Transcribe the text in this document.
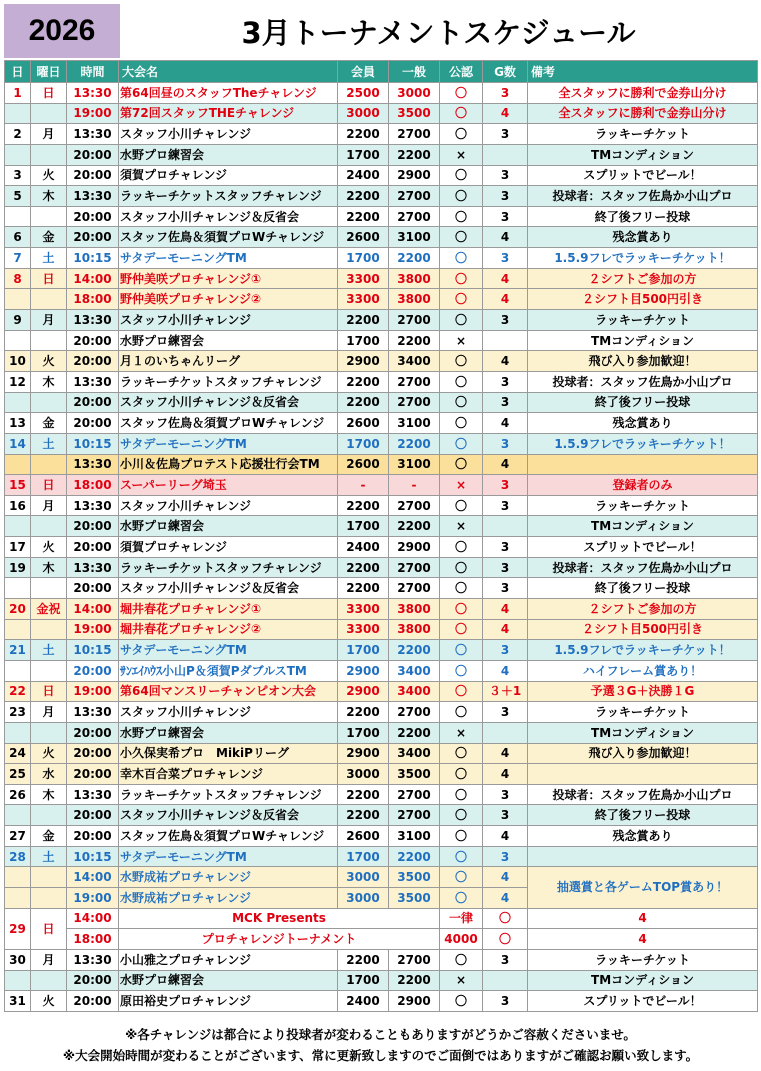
2026	3月トーナメントスケジュール
日	曜日	時間	大会名	会員	一般	公認	G数	備考	
1	日	13:30	第64回昼のスタッフTheチャレンジ	2500	3000	〇	3	全スタッフに勝利で金券山分け	
		19:00	第72回スタッフTHEチャレンジ	3000	3500	〇	4	全スタッフに勝利で金券山分け	
2	月	13:30	スタッフ小川チャレンジ	2200	2700	〇	3	ラッキーチケット	
		20:00	水野プロ練習会	1700	2200	×		TMコンディション	
3	火	20:00	須賀プロチャレンジ	2400	2900	〇	3	スプリットでビール！	
5	木	13:30	ラッキーチケットスタッフチャレンジ	2200	2700	〇	3	投球者：スタッフ佐鳥か小山プロ	
		20:00	スタッフ小川チャレンジ＆反省会	2200	2700	〇	3	終了後フリー投球	
6	金	20:00	スタッフ佐鳥＆須賀プロWチャレンジ	2600	3100	〇	4	残念賞あり	
7	土	10:15	サタデーモーニングTM	1700	2200	〇	3	1.5.9フレでラッキーチケット！	
8	日	14:00	野仲美咲プロチャレンジ①	3300	3800	〇	4	２シフトご参加の方	
		18:00	野仲美咲プロチャレンジ②	3300	3800	〇	4	２シフト目500円引き	
9	月	13:30	スタッフ小川チャレンジ	2200	2700	〇	3	ラッキーチケット	
		20:00	水野プロ練習会	1700	2200	×		TMコンディション	
10	火	20:00	月１のいちゃんリーグ	2900	3400	〇	4	飛び入り参加歓迎！	
12	木	13:30	ラッキーチケットスタッフチャレンジ	2200	2700	〇	3	投球者：スタッフ佐鳥か小山プロ	
		20:00	スタッフ小川チャレンジ＆反省会	2200	2700	〇	3	終了後フリー投球	
13	金	20:00	スタッフ佐鳥＆須賀プロWチャレンジ	2600	3100	〇	4	残念賞あり	
14	土	10:15	サタデーモーニングTM	1700	2200	〇	3	1.5.9フレでラッキーチケット！	
		13:30	小川＆佐鳥プロテスト応援壮行会TM	2600	3100	〇	4		
15	日	18:00	スーパーリーグ埼玉	-	-	×	3	登録者のみ	
16	月	13:30	スタッフ小川チャレンジ	2200	2700	〇	3	ラッキーチケット	
		20:00	水野プロ練習会	1700	2200	×		TMコンディション	
17	火	20:00	須賀プロチャレンジ	2400	2900	〇	3	スプリットでビール！	
19	木	13:30	ラッキーチケットスタッフチャレンジ	2200	2700	〇	3	投球者：スタッフ佐鳥か小山プロ	
		20:00	スタッフ小川チャレンジ＆反省会	2200	2700	〇	3	終了後フリー投球	
20	金祝	14:00	堀井春花プロチャレンジ①	3300	3800	〇	4	２シフトご参加の方	
		19:00	堀井春花プロチャレンジ②	3300	3800	〇	4	２シフト目500円引き	
21	土	10:15	サタデーモーニングTM	1700	2200	〇	3	1.5.9フレでラッキーチケット！	
		20:00	ｻﾝｴｲﾊｳｽ小山P＆須賀PダブルスTM	2900	3400	〇	4	ハイフレーム賞あり！	
22	日	19:00	第64回マンスリーチャンピオン大会	2900	3400	〇	３＋1	予選３G＋決勝１G	
23	月	13:30	スタッフ小川チャレンジ	2200	2700	〇	3	ラッキーチケット	
		20:00	水野プロ練習会	1700	2200	×		TMコンディション	
24	火	20:00	小久保実希プロ　MikiPリーグ	2900	3400	〇	4	飛び入り参加歓迎！	
25	水	20:00	幸木百合菜プロチャレンジ	3000	3500	〇	4		
26	木	13:30	ラッキーチケットスタッフチャレンジ	2200	2700	〇	3	投球者：スタッフ佐鳥か小山プロ	
		20:00	スタッフ小川チャレンジ＆反省会	2200	2700	〇	3	終了後フリー投球	
27	金	20:00	スタッフ佐鳥＆須賀プロWチャレンジ	2600	3100	〇	4	残念賞あり	
28	土	10:15	サタデーモーニングTM	1700	2200	〇	3		
		14:00	水野成祐プロチャレンジ	3000	3500	〇	4	抽選賞と各ゲームTOP賞あり！	
		19:00	水野成祐プロチャレンジ	3000	3500	〇	4		
29	日	14:00	MCK Presents			一律	〇	4	
		18:00	プロチャレンジトーナメント			4000	〇	4	
30	月	13:30	小山雅之プロチャレンジ	2200	2700	〇	3	ラッキーチケット	
		20:00	水野プロ練習会	1700	2200	×		TMコンディション	
31	火	20:00	原田裕史プロチャレンジ	2400	2900	〇	3	スプリットでビール！	
※各チャレンジは都合により投球者が変わることもありますがどうかご容赦くださいませ。
※大会開始時間が変わることがございます、常に更新致しますのでご面倒ではありますがご確認お願い致します。
